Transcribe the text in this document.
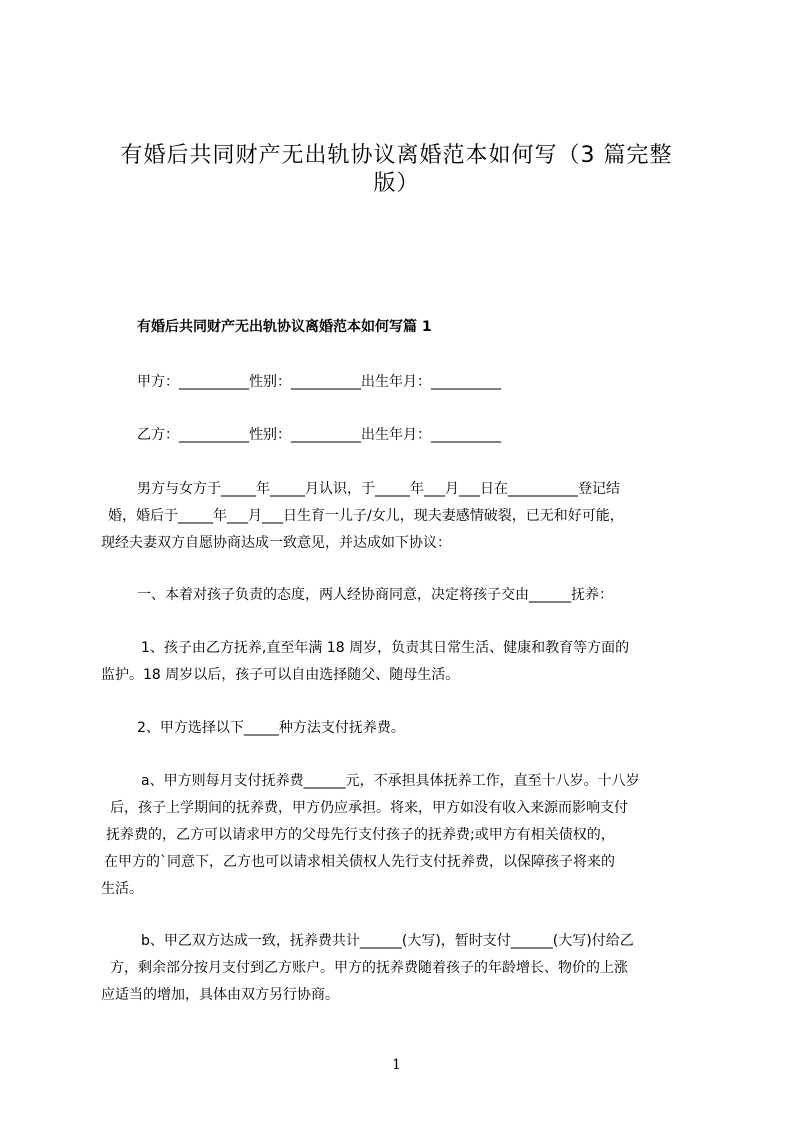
有婚后共同财产无出轨协议离婚范本如何写（3 篇完整
版）
有婚后共同财产无出轨协议离婚范本如何写篇 1
甲方：__________性别：__________出生年月：__________
乙方：__________性别：__________出生年月：__________
男方与女方于_____年_____月认识，于_____年___月___日在__________登记结
婚，婚后于_____年___月___日生育一儿子/女儿，现夫妻感情破裂，已无和好可能，
现经夫妻双方自愿协商达成一致意见，并达成如下协议：
一、本着对孩子负责的态度，两人经协商同意，决定将孩子交由______抚养：
1、孩子由乙方抚养,直至年满 18 周岁，负责其日常生活、健康和教育等方面的
监护。18 周岁以后，孩子可以自由选择随父、随母生活。
2、甲方选择以下_____种方法支付抚养费。
a、甲方则每月支付抚养费______元，不承担具体抚养工作，直至十八岁。十八岁
后，孩子上学期间的抚养费，甲方仍应承担。将来，甲方如没有收入来源而影响支付
抚养费的，乙方可以请求甲方的父母先行支付孩子的抚养费;或甲方有相关债权的，
在甲方的`同意下，乙方也可以请求相关债权人先行支付抚养费，以保障孩子将来的
生活。
b、甲乙双方达成一致，抚养费共计______(大写)，暂时支付______(大写)付给乙
方，剩余部分按月支付到乙方账户。甲方的抚养费随着孩子的年龄增长、物价的上涨
应适当的增加，具体由双方另行协商。
1
